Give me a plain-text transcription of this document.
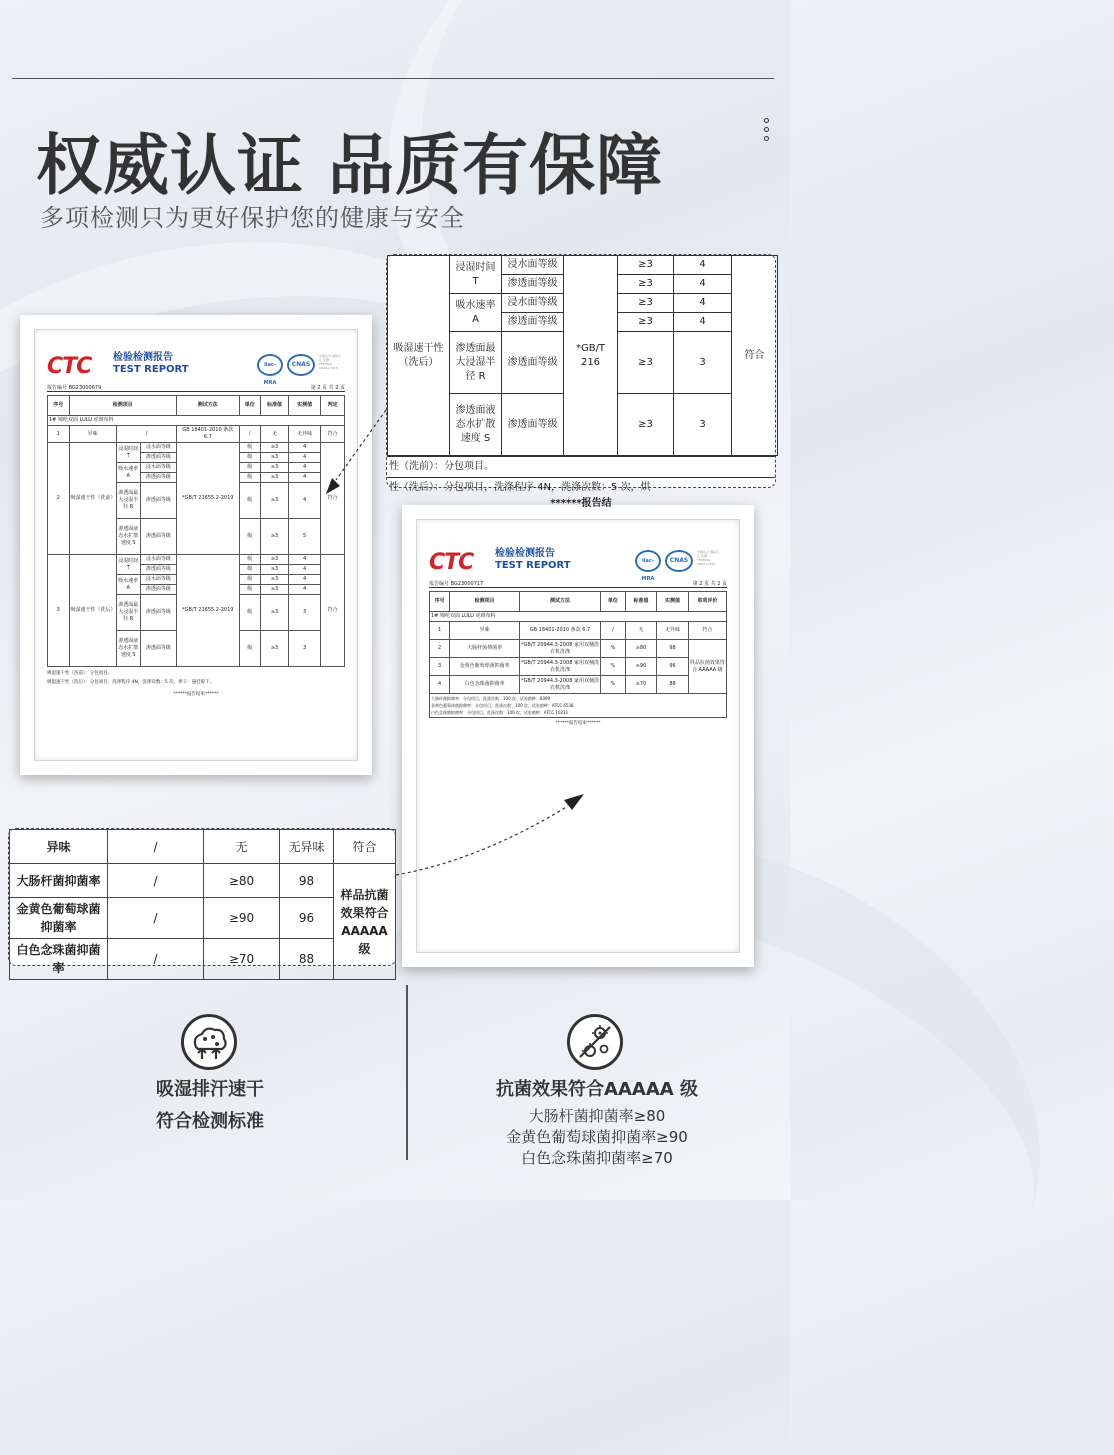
权威认证 品质有保障
多项检测只为更好保护您的健康与安全
CTC 检验检测报告
TEST REPORT	ilac-MRA
CNAS
中国认可 国际互认 检测 TESTING CNAS L7013
报告编号 BG23000679	第 2 页 共 2 页
序号	检测项目			测试方法	单位	标准值	实测值	判定
1# 锦纶双面 LULU 虎斑布料								
1	异味	/		GB 18401-2010 条款 6.7	/	无	无异味	符合
2	吸湿速干性（洗前）	浸湿时间 T	浸水面等级	*GB/T 21655.2-2019	级	≥3	4	符合
			渗透面等级		级	≥3	4	
		吸水速率 A	浸水面等级		级	≥3	4	
			渗透面等级		级	≥3	4	
		渗透面最大浸湿半径 R	渗透面等级		级	≥3	4	
		渗透面液态水扩散速度 S	渗透面等级		级	≥3	5	
3	吸湿速干性（洗后）	浸湿时间 T	浸水面等级	*GB/T 21655.2-2019	级	≥3	4	符合
			渗透面等级		级	≥3	4	
		吸水速率 A	浸水面等级		级	≥3	4	
			渗透面等级		级	≥3	4	
		渗透面最大浸湿半径 R	渗透面等级		级	≥3	3	
		渗透面液态水扩散速度 S	渗透面等级		级	≥3	3	
吸湿速干性（洗前）：分包项目。
吸湿速干性（洗后）：分包项目，洗涤程序 4N，洗涤次数：5 次，烘干：悬挂晾干。
******报告结束******
CTC 检验检测报告
TEST REPORT	ilac-MRA
CNAS
中国认可 国际互认 检测 TESTING CNAS L7013
报告编号 BG23000717	第 2 页 共 2 页
序号	检测项目	测试方法	单位	标准值	实测值	单项评价
1# 锦纶双面 LULU 虎斑布料						
1	异味	GB 18401-2010 条款 6.7	/	无	无异味	符合
2	大肠杆菌抑菌率	*GB/T 20944.3-2008 家用双桶洗衣机洗涤	%	≥80	98	样品抗菌效果符合 AAAAA 级
3	金黄色葡萄球菌抑菌率	*GB/T 20944.3-2008 家用双桶洗衣机洗涤	%	≥90	96	
4	白色念珠菌抑菌率	*GB/T 20944.3-2008 家用双桶洗衣机洗涤	%	≥70	88	

大肠杆菌抑菌率：分包项目，洗涤次数：100 次，试验菌种：8099
金黄色葡萄球菌抑菌率：分包项目，洗涤次数：100 次，试验菌种：ATCC 6538
白色念珠菌抑菌率：分包项目，洗涤次数：100 次，试验菌种：ATCC 10231						
******报告结束******
吸湿速干性（洗后）	浸湿时间 T	浸水面等级	*GB/T 216	≥3	4	符合
		渗透面等级		≥3	4	
	吸水速率 A	浸水面等级		≥3	4	
		渗透面等级		≥3	4	
	渗透面最大浸湿半径 R	渗透面等级		≥3	3	
	渗透面液态水扩散速度 S	渗透面等级		≥3	3	
性（洗前）：分包项目。
性（洗后）：分包项目，洗涤程序 4N，洗涤次数：5 次，烘
******报告结
异味	/	无	无异味	符合
大肠杆菌抑菌率	/	≥80	98	样品抗菌效果符合 AAAAA 级
金黄色葡萄球菌抑菌率	/	≥90	96	
白色念珠菌抑菌率	/	≥70	88	
吸湿排汗速干
符合检测标准
抗菌效果符合AAAAA 级
大肠杆菌抑菌率≥80
金黄色葡萄球菌抑菌率≥90
白色念珠菌抑菌率≥70
